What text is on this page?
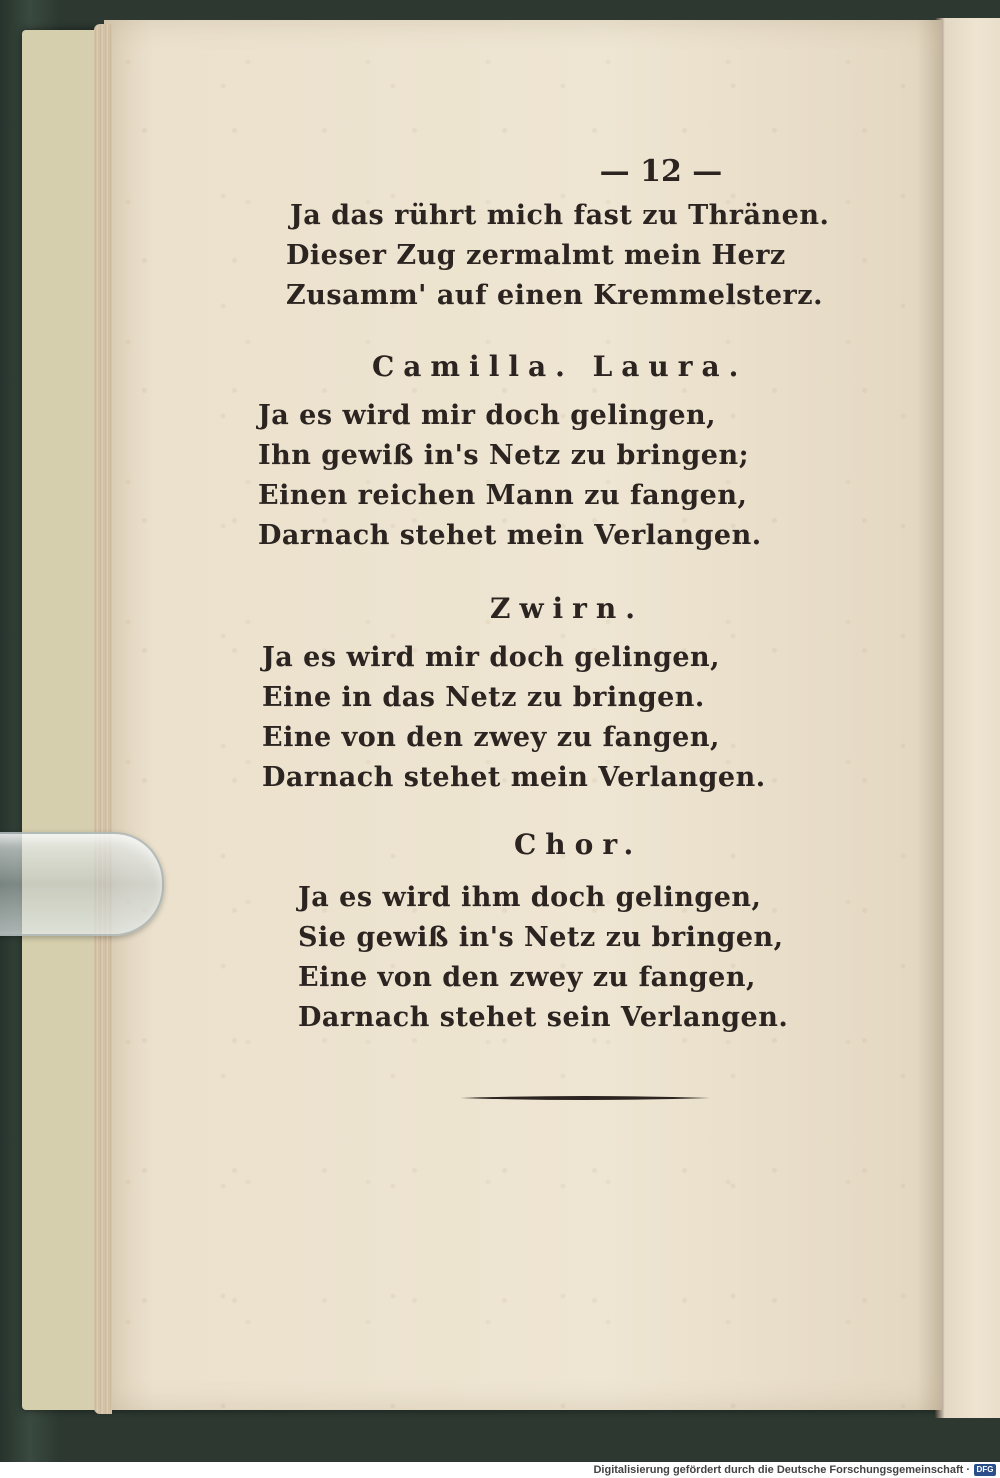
— 12 —
Ja das rührt mich fast zu Thränen.
Dieser Zug zermalmt mein Herz
Zusamm' auf einen Kremmelsterz.
Camilla. Laura.
Ja es wird mir doch gelingen,
Ihn gewiß in's Netz zu bringen;
Einen reichen Mann zu fangen,
Darnach stehet mein Verlangen.
Zwirn.
Ja es wird mir doch gelingen,
Eine in das Netz zu bringen.
Eine von den zwey zu fangen,
Darnach stehet mein Verlangen.
Chor.
Ja es wird ihm doch gelingen,
Sie gewiß in's Netz zu bringen,
Eine von den zwey zu fangen,
Darnach stehet sein Verlangen.
Digitalisierung gefördert durch die Deutsche Forschungsgemeinschaft · DFG
